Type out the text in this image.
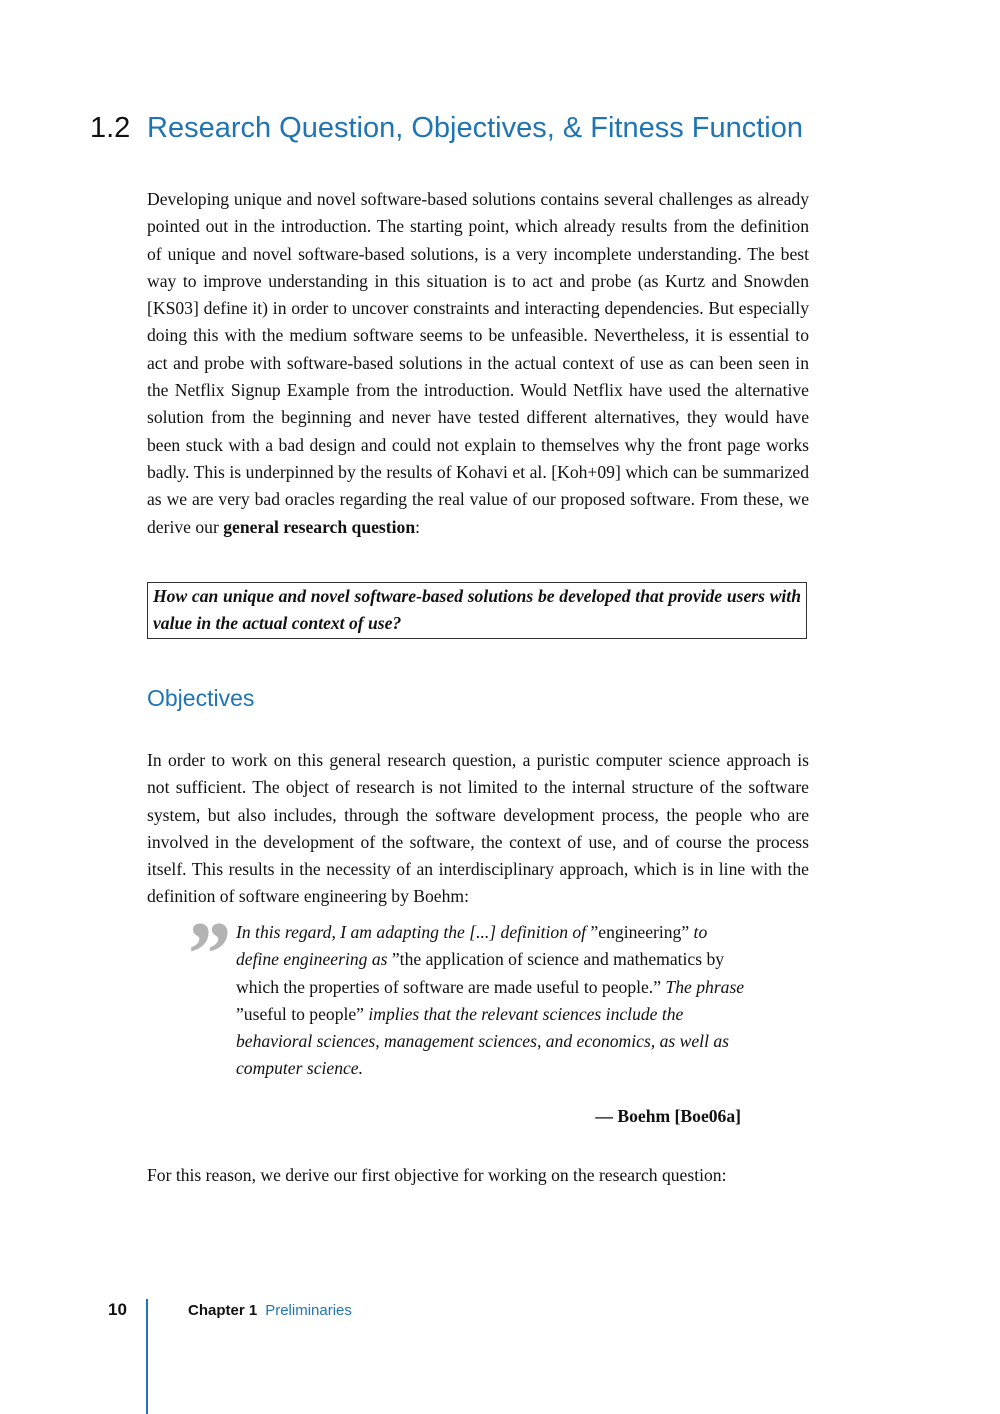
1.2 Research Question, Objectives, & Fitness Function

Developing unique and novel software-based solutions contains several challenges as already pointed out in the introduction. The starting point, which already results from the definition of unique and novel software-based solutions, is a very incomplete understanding. The best way to improve understanding in this situation is to act and probe (as Kurtz and Snowden [KS03] define it) in order to uncover constraints and interacting dependencies. But especially doing this with the medium software seems to be unfeasible. Nevertheless, it is essential to act and probe with software-based solutions in the actual context of use as can been seen in the Netflix Signup Example from the introduction. Would Netflix have used the alternative solution from the beginning and never have tested different alternatives, they would have been stuck with a bad design and could not explain to themselves why the front page works badly. This is underpinned by the results of Kohavi et al. [Koh+09] which can be summarized as we are very bad oracles regarding the real value of our proposed software. From these, we derive our general research question:

How can unique and novel software-based solutions be developed that provide users with value in the actual context of use?
Objectives

In order to work on this general research question, a puristic computer science approach is not sufficient. The object of research is not limited to the internal structure of the software system, but also includes, through the software development process, the people who are involved in the development of the software, the context of use, and of course the process itself. This results in the necessity of an interdisciplinary approach, which is in line with the definition of software engineering by Boehm:

” In this regard, I am adapting the [...] definition of ”engineering” to define engineering as ”the application of science and mathematics by which the properties of software are made useful to people.” The phrase ”useful to people” implies that the relevant sciences include the behavioral sciences, management sciences, and economics, as well as computer science.

— Boehm [Boe06a]

For this reason, we derive our first objective for working on the research question:

10	Chapter 1 Preliminaries
